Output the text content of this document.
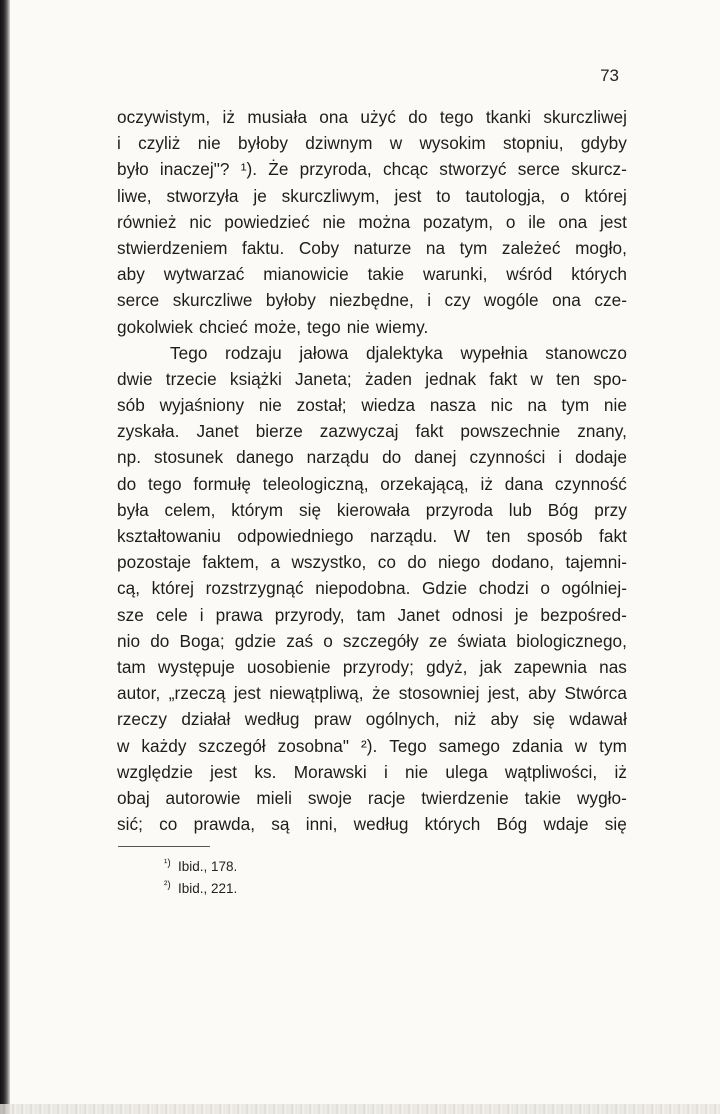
73
oczywistym, iż musiała ona użyć do tego tkanki skurczliwej
i czyliż nie byłoby dziwnym w wysokim stopniu, gdyby
było inaczej"? ¹). Że przyroda, chcąc stworzyć serce skurcz-
liwe, stworzyła je skurczliwym, jest to tautologja, o której
również nic powiedzieć nie można pozatym, o ile ona jest
stwierdzeniem faktu. Coby naturze na tym zależeć mogło,
aby wytwarzać mianowicie takie warunki, wśród których
serce skurczliwe byłoby niezbędne, i czy wogóle ona cze-
gokolwiek chcieć może, tego nie wiemy.
Tego rodzaju jałowa djalektyka wypełnia stanowczo
dwie trzecie książki Janeta; żaden jednak fakt w ten spo-
sób wyjaśniony nie został; wiedza nasza nic na tym nie
zyskała. Janet bierze zazwyczaj fakt powszechnie znany,
np. stosunek danego narządu do danej czynności i dodaje
do tego formułę teleologiczną, orzekającą, iż dana czynność
była celem, którym się kierowała przyroda lub Bóg przy
kształtowaniu odpowiedniego narządu. W ten sposób fakt
pozostaje faktem, a wszystko, co do niego dodano, tajemni-
cą, której rozstrzygnąć niepodobna. Gdzie chodzi o ogólniej-
sze cele i prawa przyrody, tam Janet odnosi je bezpośred-
nio do Boga; gdzie zaś o szczegóły ze świata biologicznego,
tam występuje uosobienie przyrody; gdyż, jak zapewnia nas
autor, „rzeczą jest niewątpliwą, że stosowniej jest, aby Stwórca
rzeczy działał według praw ogólnych, niż aby się wdawał
w każdy szczegół zosobna" ²). Tego samego zdania w tym
względzie jest ks. Morawski i nie ulega wątpliwości, iż
obaj autorowie mieli swoje racje twierdzenie takie wygło-
sić; co prawda, są inni, według których Bóg wdaje się
¹) Ibid., 178.
²) Ibid., 221.
